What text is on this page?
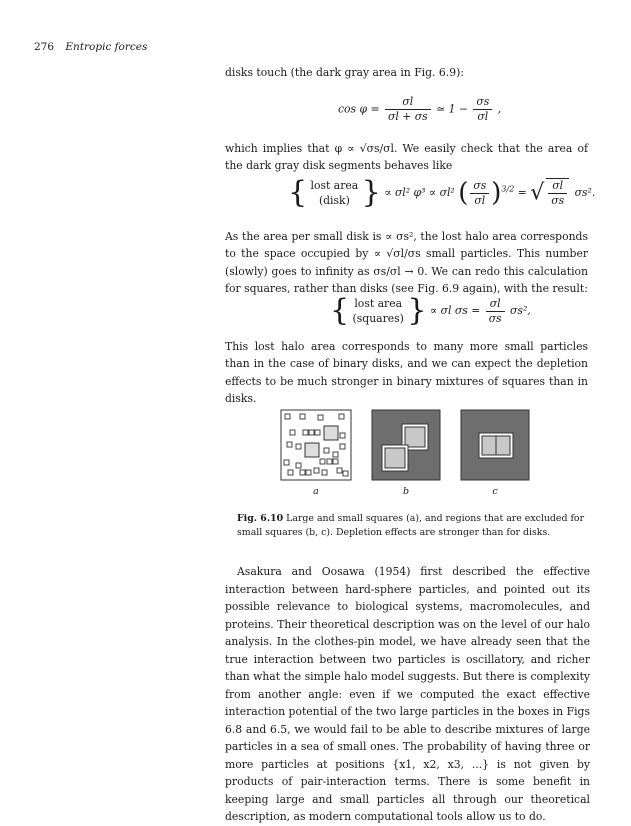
276 Entropic forces
disks touch (the dark gray area in Fig. 6.9):
$\cos \varphi = \frac{\sigma l}{\sigma l + \sigma s}$ ≃ $1 - \frac{\sigma s}{\sigma l}$ ,
which implies that φ ∝ √σs/σl. We easily check that the area of the dark gray disk segments behaves like
{ lost area
(disk) } ∝ σl² φ³ ∝ σl² ( $\frac{\sigma s}{\sigma l} )^{3/2}$ = √ $\frac{\sigma l}{\sigma s} \sigma s^2$.
As the area per small disk is ∝ σs², the lost halo area corresponds to the space occupied by ∝ √σl/σs small particles. This number (slowly) goes to infinity as σs/σl → 0. We can redo this calculation for squares, rather than disks (see Fig. 6.9 again), with the result:
{ lost area
(squares) } ∝ σl $\sigma s = \frac{\sigma l}{\sigma s} \sigma s^2$,
This lost halo area corresponds to many more small particles than in the case of binary disks, and we can expect the depletion effects to be much stronger in binary mixtures of squares than in disks.
a	b	c
Fig. 6.10 Large and small squares (a), and regions that are excluded for small squares (b, c). Depletion effects are stronger than for disks.

Asakura and Oosawa (1954) first described the effective interaction between hard-sphere particles, and pointed out its possible relevance to biological systems, macromolecules, and proteins. Their theoretical description was on the level of our halo analysis. In the clothes-pin model, we have already seen that the true interaction between two particles is oscillatory, and richer than what the simple halo model suggests. But there is complexity from another angle: even if we computed the exact effective interaction potential of the two large particles in the boxes in Figs 6.8 and 6.5, we would fail to be able to describe mixtures of large particles in a sea of small ones. The probability of having three or more particles at positions {x1, x2, x3, ...} is not given by products of pair-interaction terms. There is some benefit in keeping large and small particles all through our theoretical description, as modern computational tools allow us to do.
